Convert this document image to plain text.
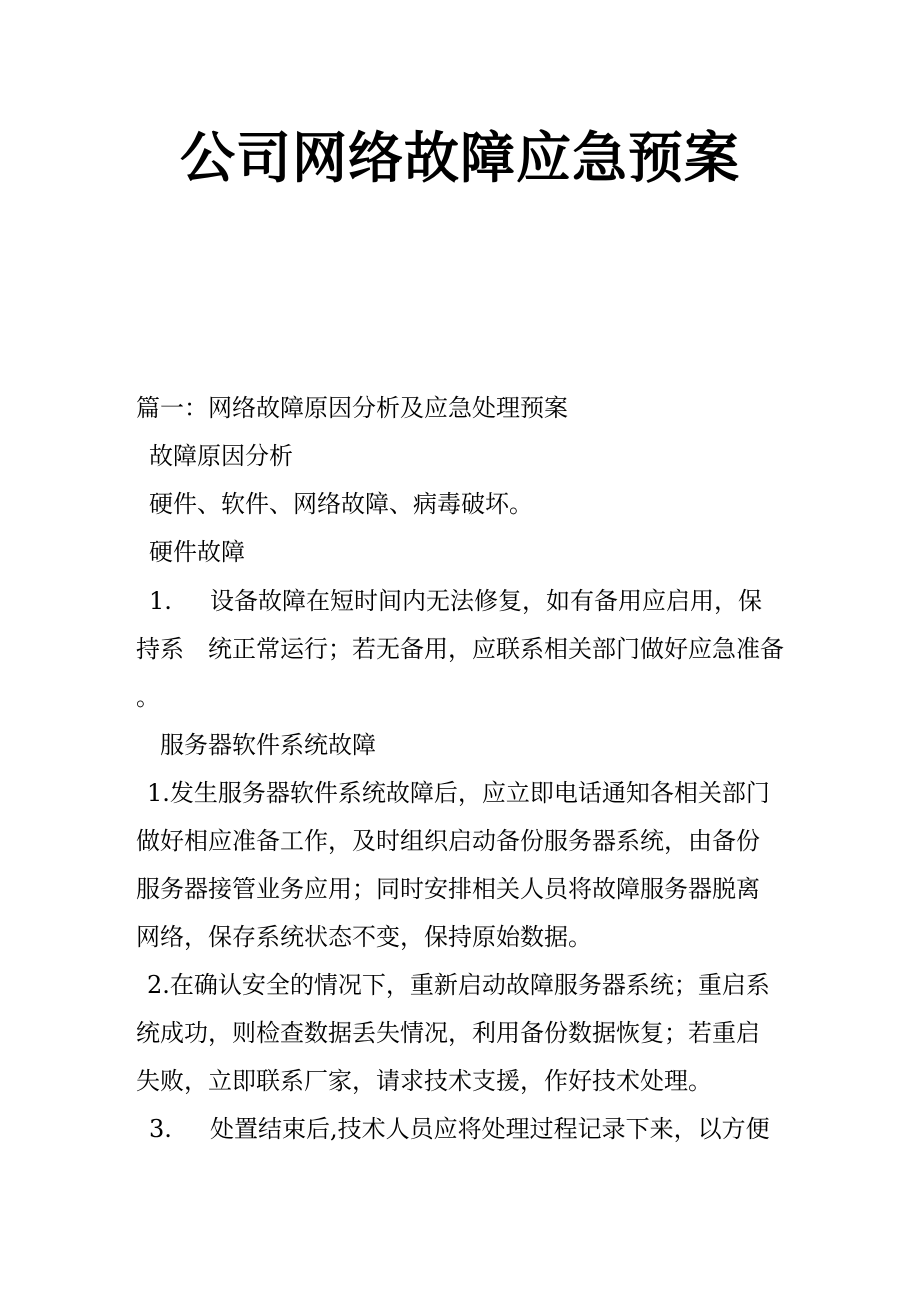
公司网络故障应急预案

篇一：网络故障原因分析及应急处理预案

故障原因分析

硬件、软件、网络故障、病毒破坏。

硬件故障

1. 设备故障在短时间内无法修复，如有备用应启用，保

持系　统正常运行；若无备用，应联系相关部门做好应急准备

。

服务器软件系统故障

1.发生服务器软件系统故障后，应立即电话通知各相关部门

做好相应准备工作，及时组织启动备份服务器系统，由备份

服务器接管业务应用；同时安排相关人员将故障服务器脱离

网络，保存系统状态不变，保持原始数据。

2.在确认安全的情况下，重新启动故障服务器系统；重启系

统成功，则检查数据丢失情况，利用备份数据恢复；若重启

失败，立即联系厂家，请求技术支援，作好技术处理。

3. 处置结束后,技术人员应将处理过程记录下来，以方便
